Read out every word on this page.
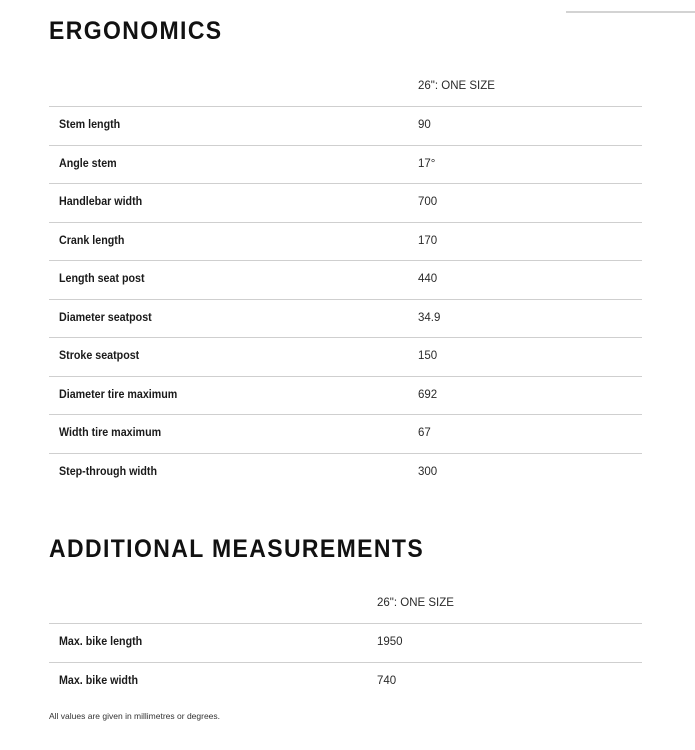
ERGONOMICS
26": ONE SIZE
Stem length	90
Angle stem	17°
Handlebar width	700
Crank length	170
Length seat post	440
Diameter seatpost	34.9
Stroke seatpost	150
Diameter tire maximum	692
Width tire maximum	67
Step-through width	300
ADDITIONAL MEASUREMENTS
26": ONE SIZE
Max. bike length	1950
Max. bike width	740
All values are given in millimetres or degrees.
